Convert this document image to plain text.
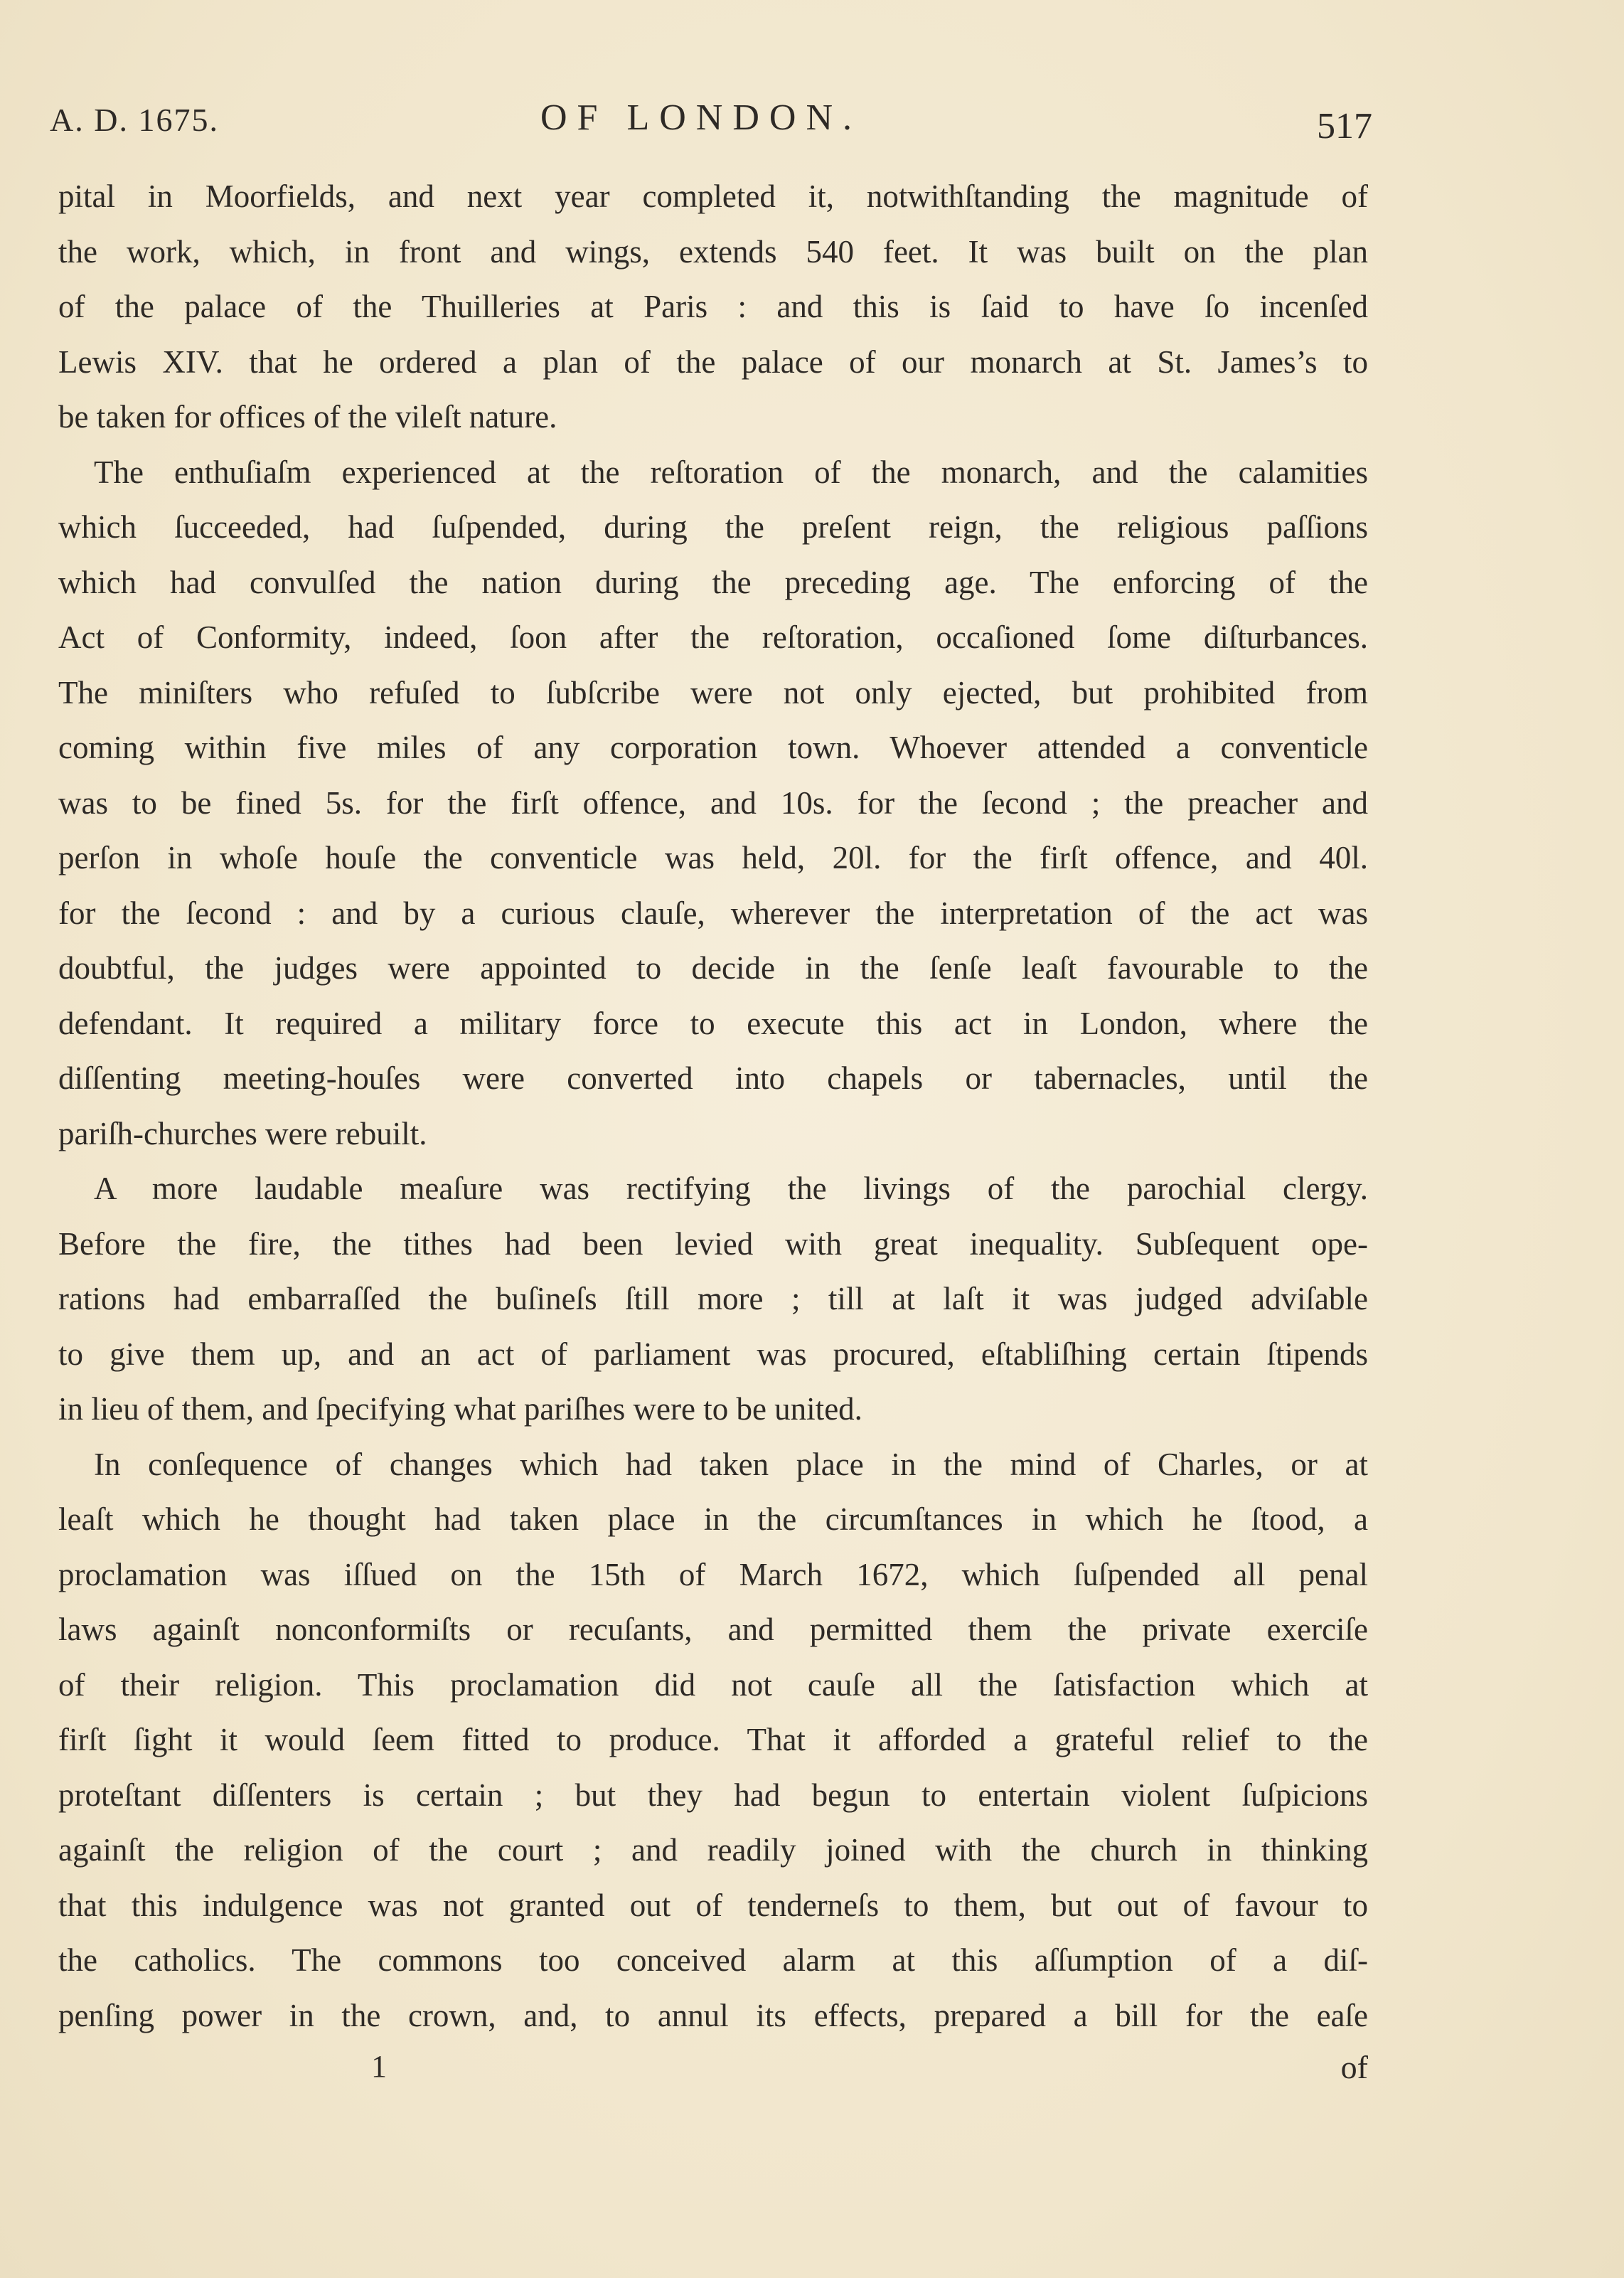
A. D. 1675.	OF LONDON.	517

pital in Moorfields, and next year completed it, notwithſtanding the magnitude of

the work, which, in front and wings, extends 540 feet. It was built on the plan

of the palace of the Thuilleries at Paris : and this is ſaid to have ſo incenſed

Lewis XIV. that he ordered a plan of the palace of our monarch at St. James’s to

be taken for offices of the vileſt nature.

The enthuſiaſm experienced at the reſtoration of the monarch, and the calamities

which ſucceeded, had ſuſpended, during the preſent reign, the religious paſſions

which had convulſed the nation during the preceding age. The enforcing of the

Act of Conformity, indeed, ſoon after the reſtoration, occaſioned ſome diſturbances.

The miniſters who refuſed to ſubſcribe were not only ejected, but prohibited from

coming within five miles of any corporation town. Whoever attended a conventicle

was to be fined 5s. for the firſt offence, and 10s. for the ſecond ; the preacher and

perſon in whoſe houſe the conventicle was held, 20l. for the firſt offence, and 40l.

for the ſecond : and by a curious clauſe, wherever the interpretation of the act was

doubtful, the judges were appointed to decide in the ſenſe leaſt favourable to the

defendant. It required a military force to execute this act in London, where the

diſſenting meeting-houſes were converted into chapels or tabernacles, until the

pariſh-churches were rebuilt.

A more laudable meaſure was rectifying the livings of the parochial clergy.

Before the fire, the tithes had been levied with great inequality. Subſequent ope-

rations had embarraſſed the buſineſs ſtill more ; till at laſt it was judged adviſable

to give them up, and an act of parliament was procured, eſtabliſhing certain ſtipends

in lieu of them, and ſpecifying what pariſhes were to be united.

In conſequence of changes which had taken place in the mind of Charles, or at

leaſt which he thought had taken place in the circumſtances in which he ſtood, a

proclamation was iſſued on the 15th of March 1672, which ſuſpended all penal

laws againſt nonconformiſts or recuſants, and permitted them the private exerciſe

of their religion. This proclamation did not cauſe all the ſatisfaction which at

firſt ſight it would ſeem fitted to produce. That it afforded a grateful relief to the

proteſtant diſſenters is certain ; but they had begun to entertain violent ſuſpicions

againſt the religion of the court ; and readily joined with the church in thinking

that this indulgence was not granted out of tenderneſs to them, but out of favour to

the catholics. The commons too conceived alarm at this aſſumption of a diſ-

penſing power in the crown, and, to annul its effects, prepared a bill for the eaſe

1	of
